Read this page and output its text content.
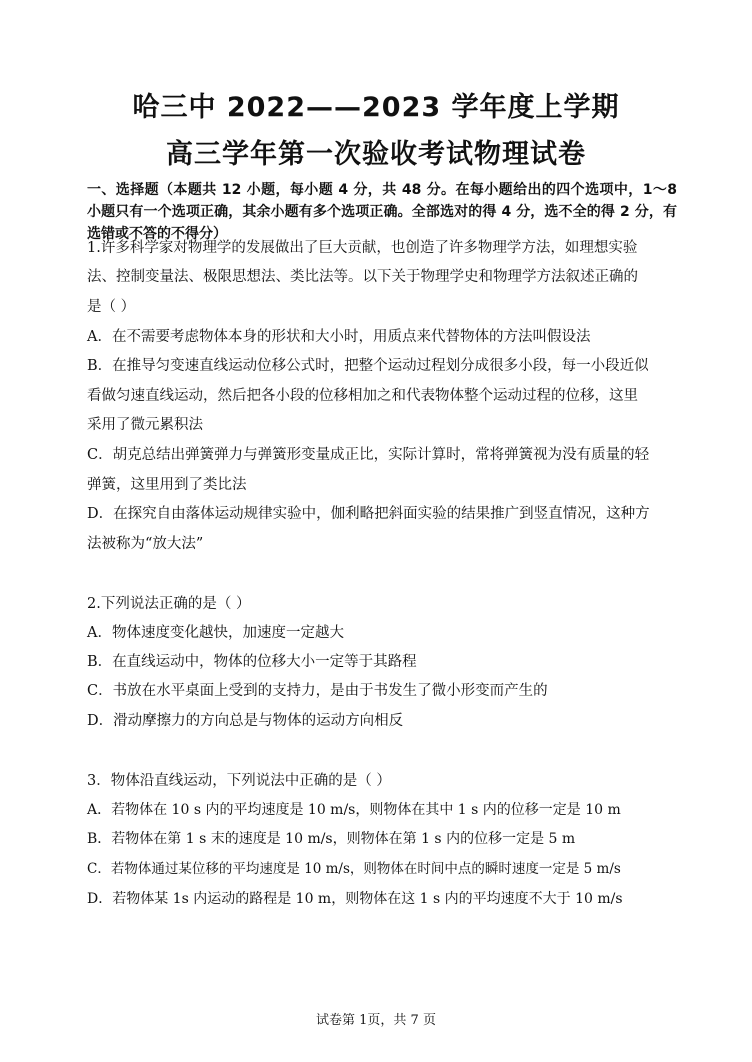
哈三中 2022——2023 学年度上学期
高三学年第一次验收考试物理试卷
一、选择题（本题共 12 小题，每小题 4 分，共 48 分。在每小题给出的四个选项中，1～8 小题只有一个选项正确，其余小题有多个选项正确。全部选对的得 4 分，选不全的得 2 分，有选错或不答的不得分）
1.许多科学家对物理学的发展做出了巨大贡献，也创造了许多物理学方法，如理想实验
法、控制变量法、极限思想法、类比法等。以下关于物理学史和物理学方法叙述正确的
是（ ）
A．在不需要考虑物体本身的形状和大小时，用质点来代替物体的方法叫假设法
B．在推导匀变速直线运动位移公式时，把整个运动过程划分成很多小段，每一小段近似
看做匀速直线运动，然后把各小段的位移相加之和代表物体整个运动过程的位移，这里
采用了微元累积法
C．胡克总结出弹簧弹力与弹簧形变量成正比，实际计算时，常将弹簧视为没有质量的轻
弹簧，这里用到了类比法
D．在探究自由落体运动规律实验中，伽利略把斜面实验的结果推广到竖直情况，这种方
法被称为“放大法”
2.下列说法正确的是（ ）
A．物体速度变化越快，加速度一定越大
B．在直线运动中，物体的位移大小一定等于其路程
C．书放在水平桌面上受到的支持力，是由于书发生了微小形变而产生的
D．滑动摩擦力的方向总是与物体的运动方向相反
3．物体沿直线运动，下列说法中正确的是（ ）
A．若物体在 10 s 内的平均速度是 10 m/s，则物体在其中 1 s 内的位移一定是 10 m
B．若物体在第 1 s 末的速度是 10 m/s，则物体在第 1 s 内的位移一定是 5 m
C．若物体通过某位移的平均速度是 10 m/s，则物体在时间中点的瞬时速度一定是 5 m/s
D．若物体某 1s 内运动的路程是 10 m，则物体在这 1 s 内的平均速度不大于 10 m/s
试卷第 1页，共 7 页
